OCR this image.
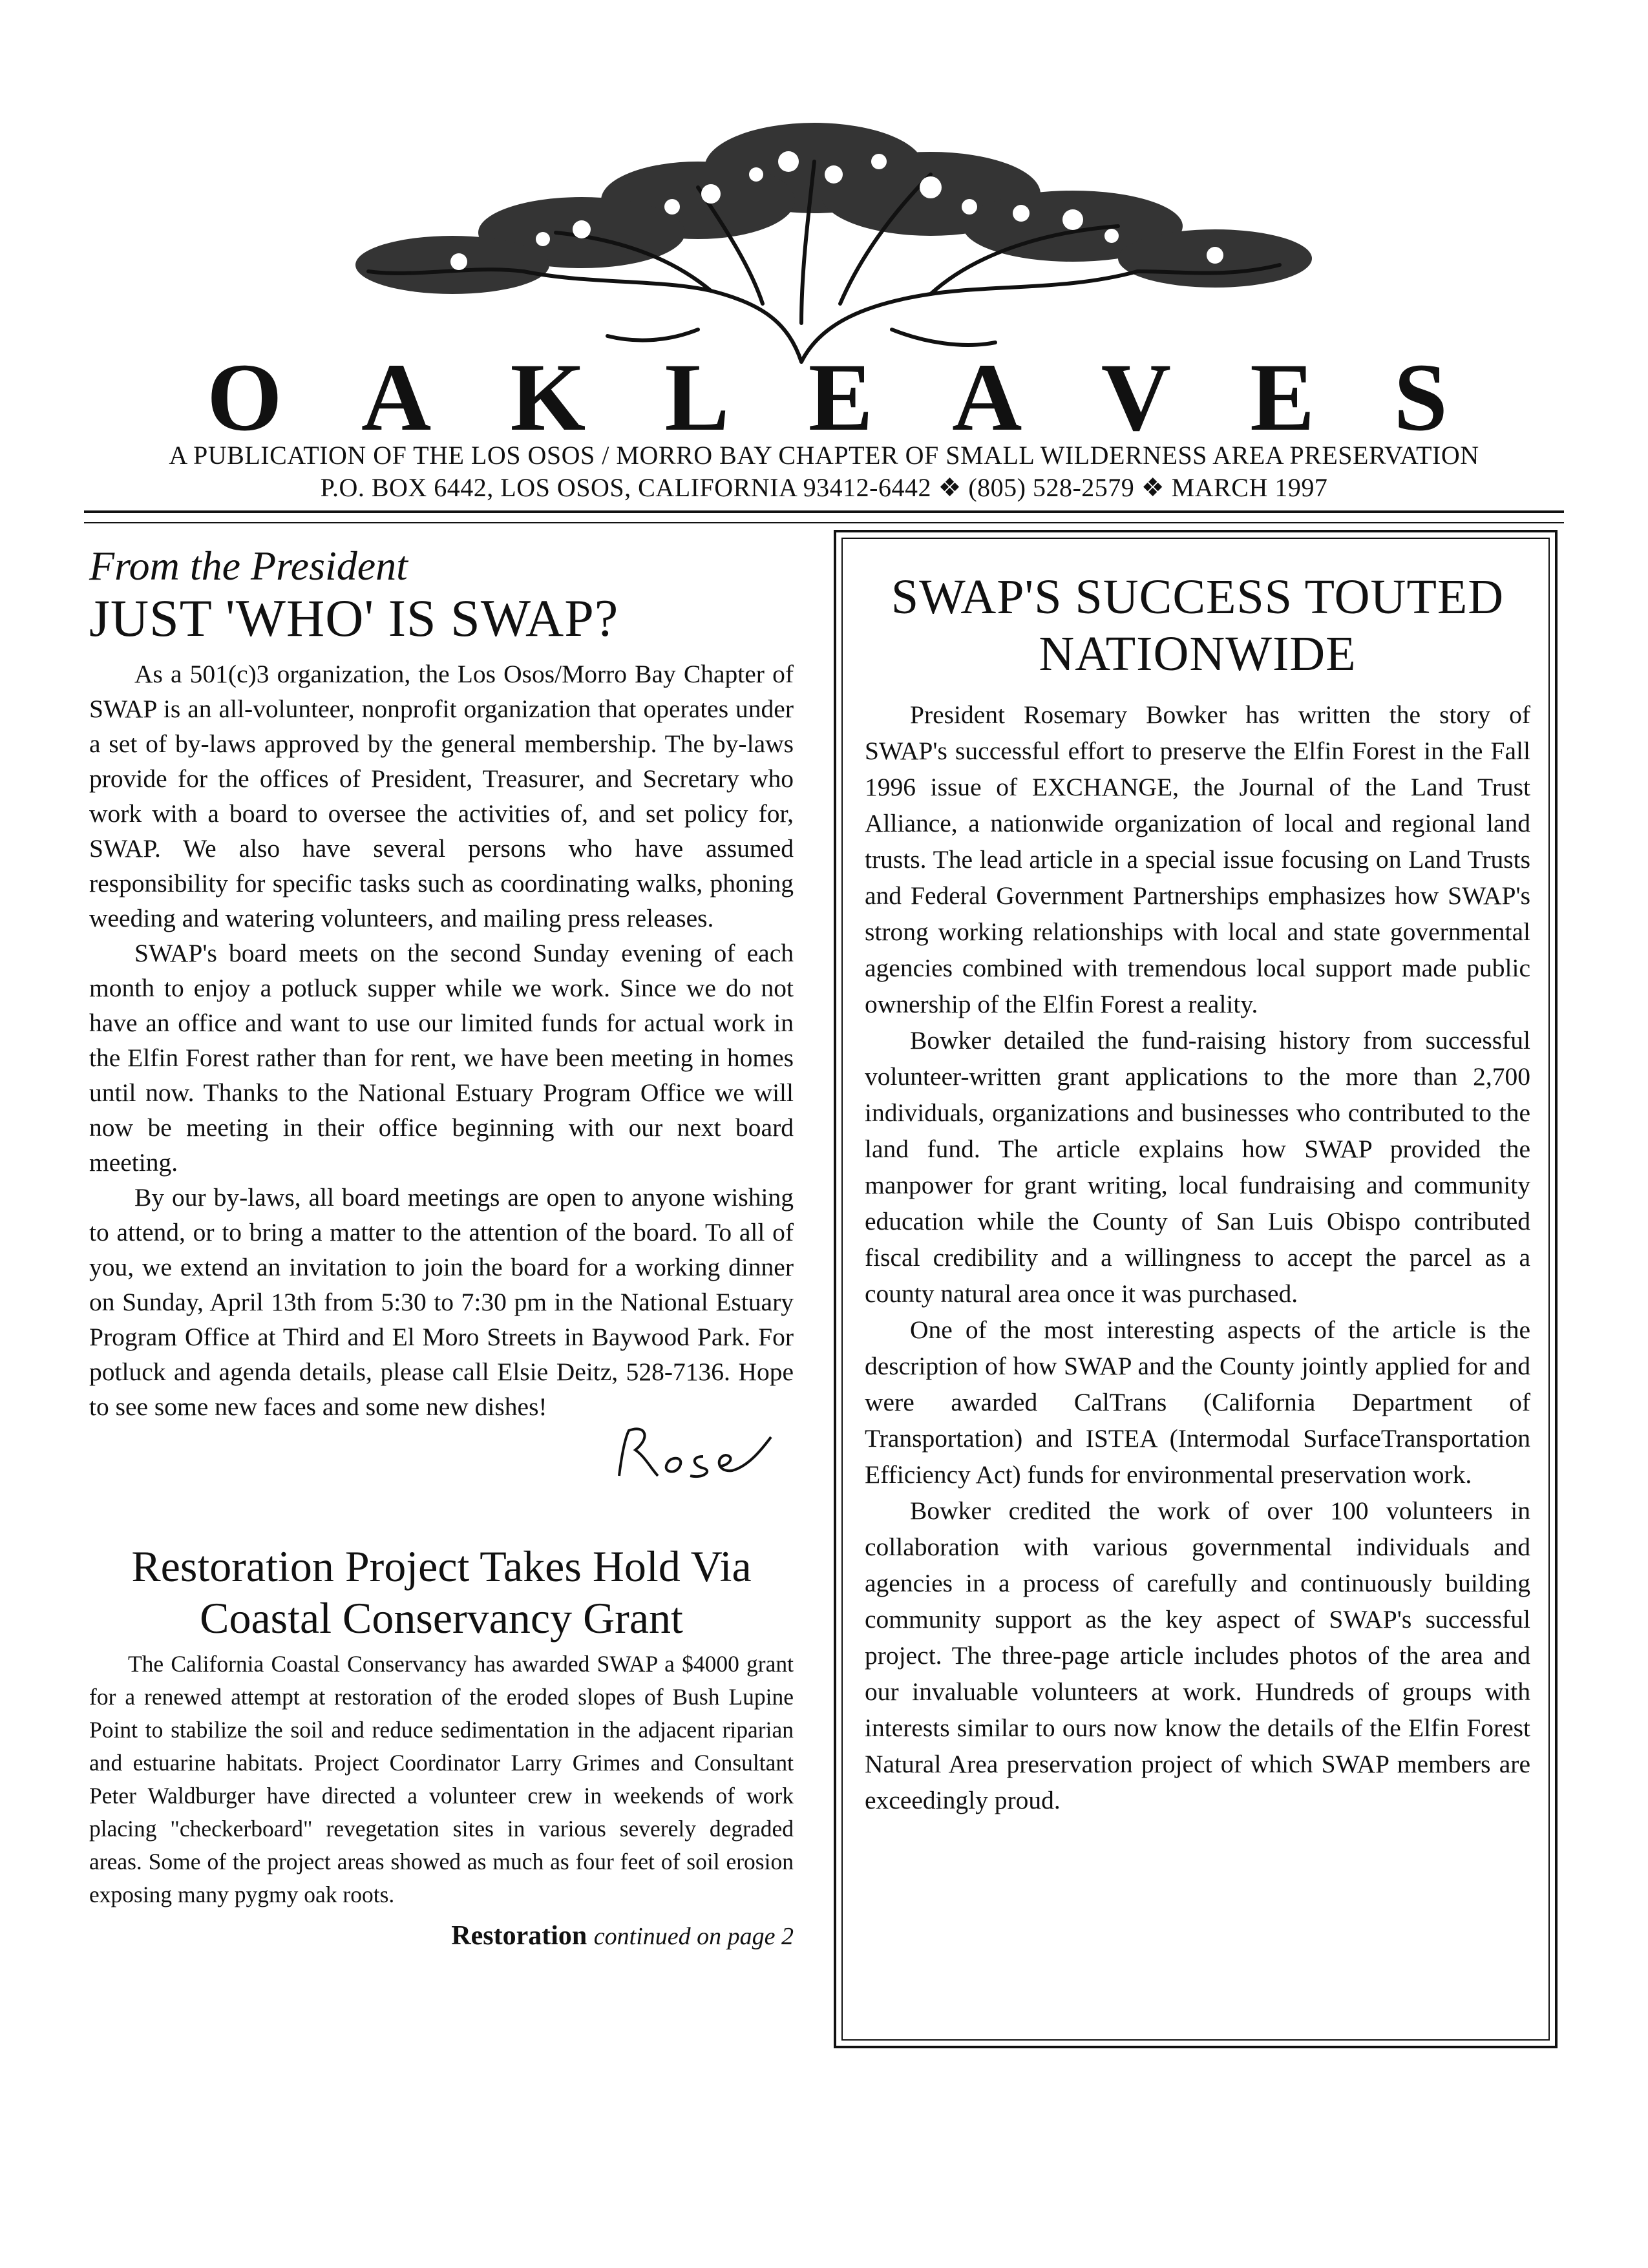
O A K L E A V E S
A PUBLICATION OF THE LOS OSOS / MORRO BAY CHAPTER OF SMALL WILDERNESS AREA PRESERVATION
P.O. BOX 6442, LOS OSOS, CALIFORNIA 93412-6442 ❖ (805) 528-2579 ❖ MARCH 1997

From the President

JUST 'WHO' IS SWAP?

As a 501(c)3 organization, the Los Osos/Morro Bay Chapter of SWAP is an all-volunteer, nonprofit organization that operates under a set of by-laws approved by the general membership. The by-laws provide for the offices of President, Treasurer, and Secretary who work with a board to oversee the activities of, and set policy for, SWAP. We also have several persons who have assumed responsibility for specific tasks such as coordinating walks, phoning weeding and watering volunteers, and mailing press releases.

SWAP's board meets on the second Sunday evening of each month to enjoy a potluck supper while we work. Since we do not have an office and want to use our limited funds for actual work in the Elfin Forest rather than for rent, we have been meeting in homes until now. Thanks to the National Estuary Program Office we will now be meeting in their office beginning with our next board meeting.

By our by-laws, all board meetings are open to anyone wishing to attend, or to bring a matter to the attention of the board. To all of you, we extend an invitation to join the board for a working dinner on Sunday, April 13th from 5:30 to 7:30 pm in the National Estuary Program Office at Third and El Moro Streets in Baywood Park. For potluck and agenda details, please call Elsie Deitz, 528-7136. Hope to see some new faces and some new dishes!

Restoration Project Takes Hold Via
Coastal Conservancy Grant

The California Coastal Conservancy has awarded SWAP a $4000 grant for a renewed attempt at restoration of the eroded slopes of Bush Lupine Point to stabilize the soil and reduce sedimentation in the adjacent riparian and estuarine habitats. Project Coordinator Larry Grimes and Consultant Peter Waldburger have directed a volunteer crew in weekends of work placing "checkerboard" revegetation sites in various severely degraded areas. Some of the project areas showed as much as four feet of soil erosion exposing many pygmy oak roots.

Restoration continued on page 2
SWAP'S SUCCESS TOUTED
NATIONWIDE

President Rosemary Bowker has written the story of SWAP's successful effort to preserve the Elfin Forest in the Fall 1996 issue of EXCHANGE, the Journal of the Land Trust Alliance, a nationwide organization of local and regional land trusts. The lead article in a special issue focusing on Land Trusts and Federal Government Partnerships emphasizes how SWAP's strong working relationships with local and state governmental agencies combined with tremendous local support made public ownership of the Elfin Forest a reality.

Bowker detailed the fund-raising history from successful volunteer-written grant applications to the more than 2,700 individuals, organizations and businesses who contributed to the land fund. The article explains how SWAP provided the manpower for grant writing, local fundraising and community education while the County of San Luis Obispo contributed fiscal credibility and a willingness to accept the parcel as a county natural area once it was purchased.

One of the most interesting aspects of the article is the description of how SWAP and the County jointly applied for and were awarded CalTrans (California Department of Transportation) and ISTEA (Intermodal SurfaceTransportation Efficiency Act) funds for environmental preservation work.

Bowker credited the work of over 100 volunteers in collaboration with various governmental individuals and agencies in a process of carefully and continuously building community support as the key aspect of SWAP's successful project. The three-page article includes photos of the area and our invaluable volunteers at work. Hundreds of groups with interests similar to ours now know the details of the Elfin Forest Natural Area preservation project of which SWAP members are exceedingly proud.
